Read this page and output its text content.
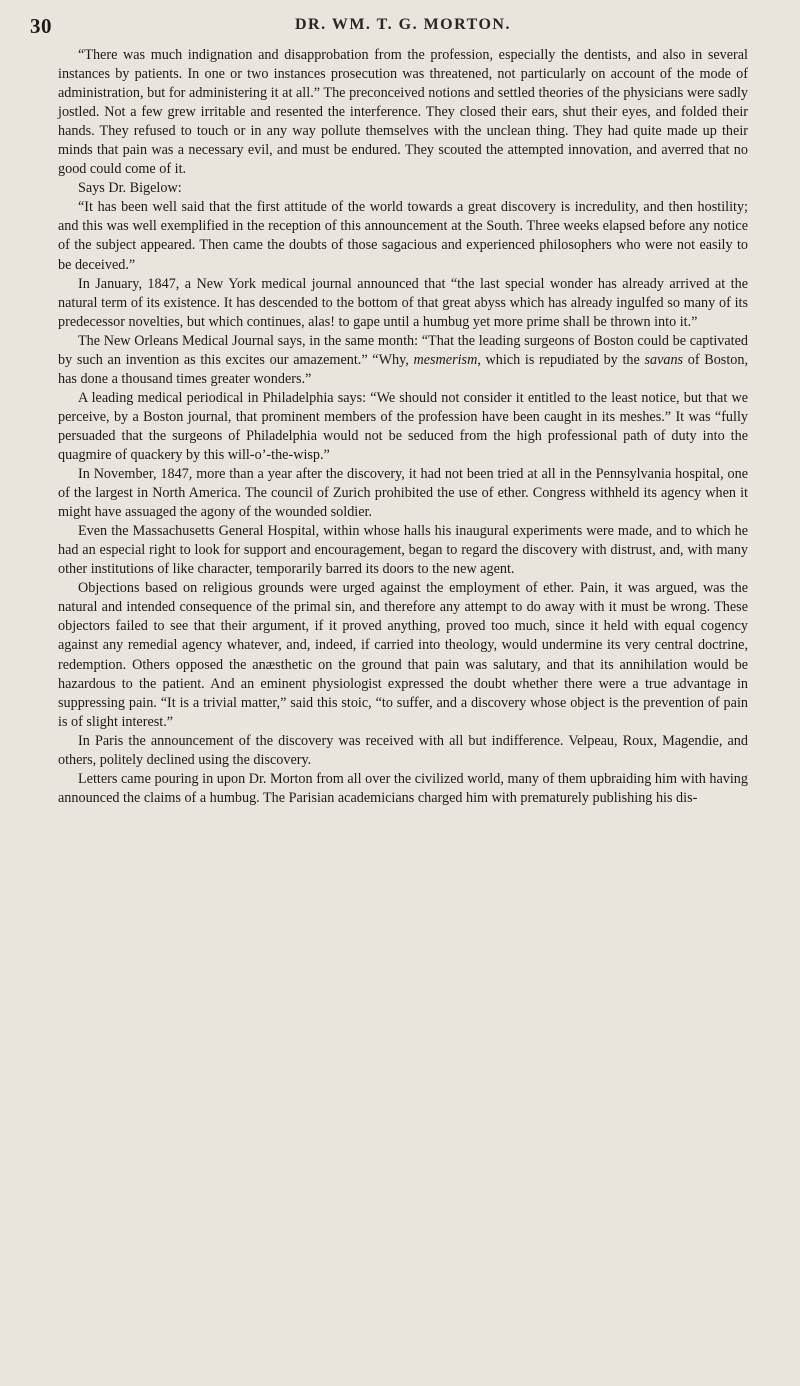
30	DR. WM. T. G. MORTON.

“There was much indignation and disapprobation from the profession, especially the dentists, and also in several instances by patients. In one or two instances prosecution was threatened, not particularly on account of the mode of administration, but for administering it at all.” The preconceived notions and settled theories of the physicians were sadly jostled. Not a few grew irritable and resented the interference. They closed their ears, shut their eyes, and folded their hands. They refused to touch or in any way pollute themselves with the unclean thing. They had quite made up their minds that pain was a necessary evil, and must be endured. They scouted the attempted innovation, and averred that no good could come of it.

Says Dr. Bigelow:

“It has been well said that the first attitude of the world towards a great discovery is incredulity, and then hostility; and this was well exemplified in the reception of this announcement at the South. Three weeks elapsed before any notice of the subject appeared. Then came the doubts of those sagacious and experienced philosophers who were not easily to be deceived.”

In January, 1847, a New York medical journal announced that “the last special wonder has already arrived at the natural term of its existence. It has descended to the bottom of that great abyss which has already ingulfed so many of its predecessor novelties, but which continues, alas! to gape until a humbug yet more prime shall be thrown into it.”

The New Orleans Medical Journal says, in the same month: “That the leading surgeons of Boston could be captivated by such an invention as this excites our amazement.” “Why, mesmerism, which is repudiated by the savans of Boston, has done a thousand times greater wonders.”

A leading medical periodical in Philadelphia says: “We should not consider it entitled to the least notice, but that we perceive, by a Boston journal, that prominent members of the profession have been caught in its meshes.” It was “fully persuaded that the surgeons of Philadelphia would not be seduced from the high professional path of duty into the quagmire of quackery by this will-o’-the-wisp.”

In November, 1847, more than a year after the discovery, it had not been tried at all in the Pennsylvania hospital, one of the largest in North America. The council of Zurich prohibited the use of ether. Congress withheld its agency when it might have assuaged the agony of the wounded soldier.

Even the Massachusetts General Hospital, within whose halls his inaugural experiments were made, and to which he had an especial right to look for support and encouragement, began to regard the discovery with distrust, and, with many other institutions of like character, temporarily barred its doors to the new agent.

Objections based on religious grounds were urged against the employment of ether. Pain, it was argued, was the natural and intended consequence of the primal sin, and therefore any attempt to do away with it must be wrong. These objectors failed to see that their argument, if it proved anything, proved too much, since it held with equal cogency against any remedial agency whatever, and, indeed, if carried into theology, would undermine its very central doctrine, redemption. Others opposed the anæsthetic on the ground that pain was salutary, and that its annihilation would be hazardous to the patient. And an eminent physiologist expressed the doubt whether there were a true advantage in suppressing pain. “It is a trivial matter,” said this stoic, “to suffer, and a discovery whose object is the prevention of pain is of slight interest.”

In Paris the announcement of the discovery was received with all but indifference. Velpeau, Roux, Magendie, and others, politely declined using the discovery.

Letters came pouring in upon Dr. Morton from all over the civilized world, many of them upbraiding him with having announced the claims of a humbug. The Parisian academicians charged him with prematurely publishing his dis-
